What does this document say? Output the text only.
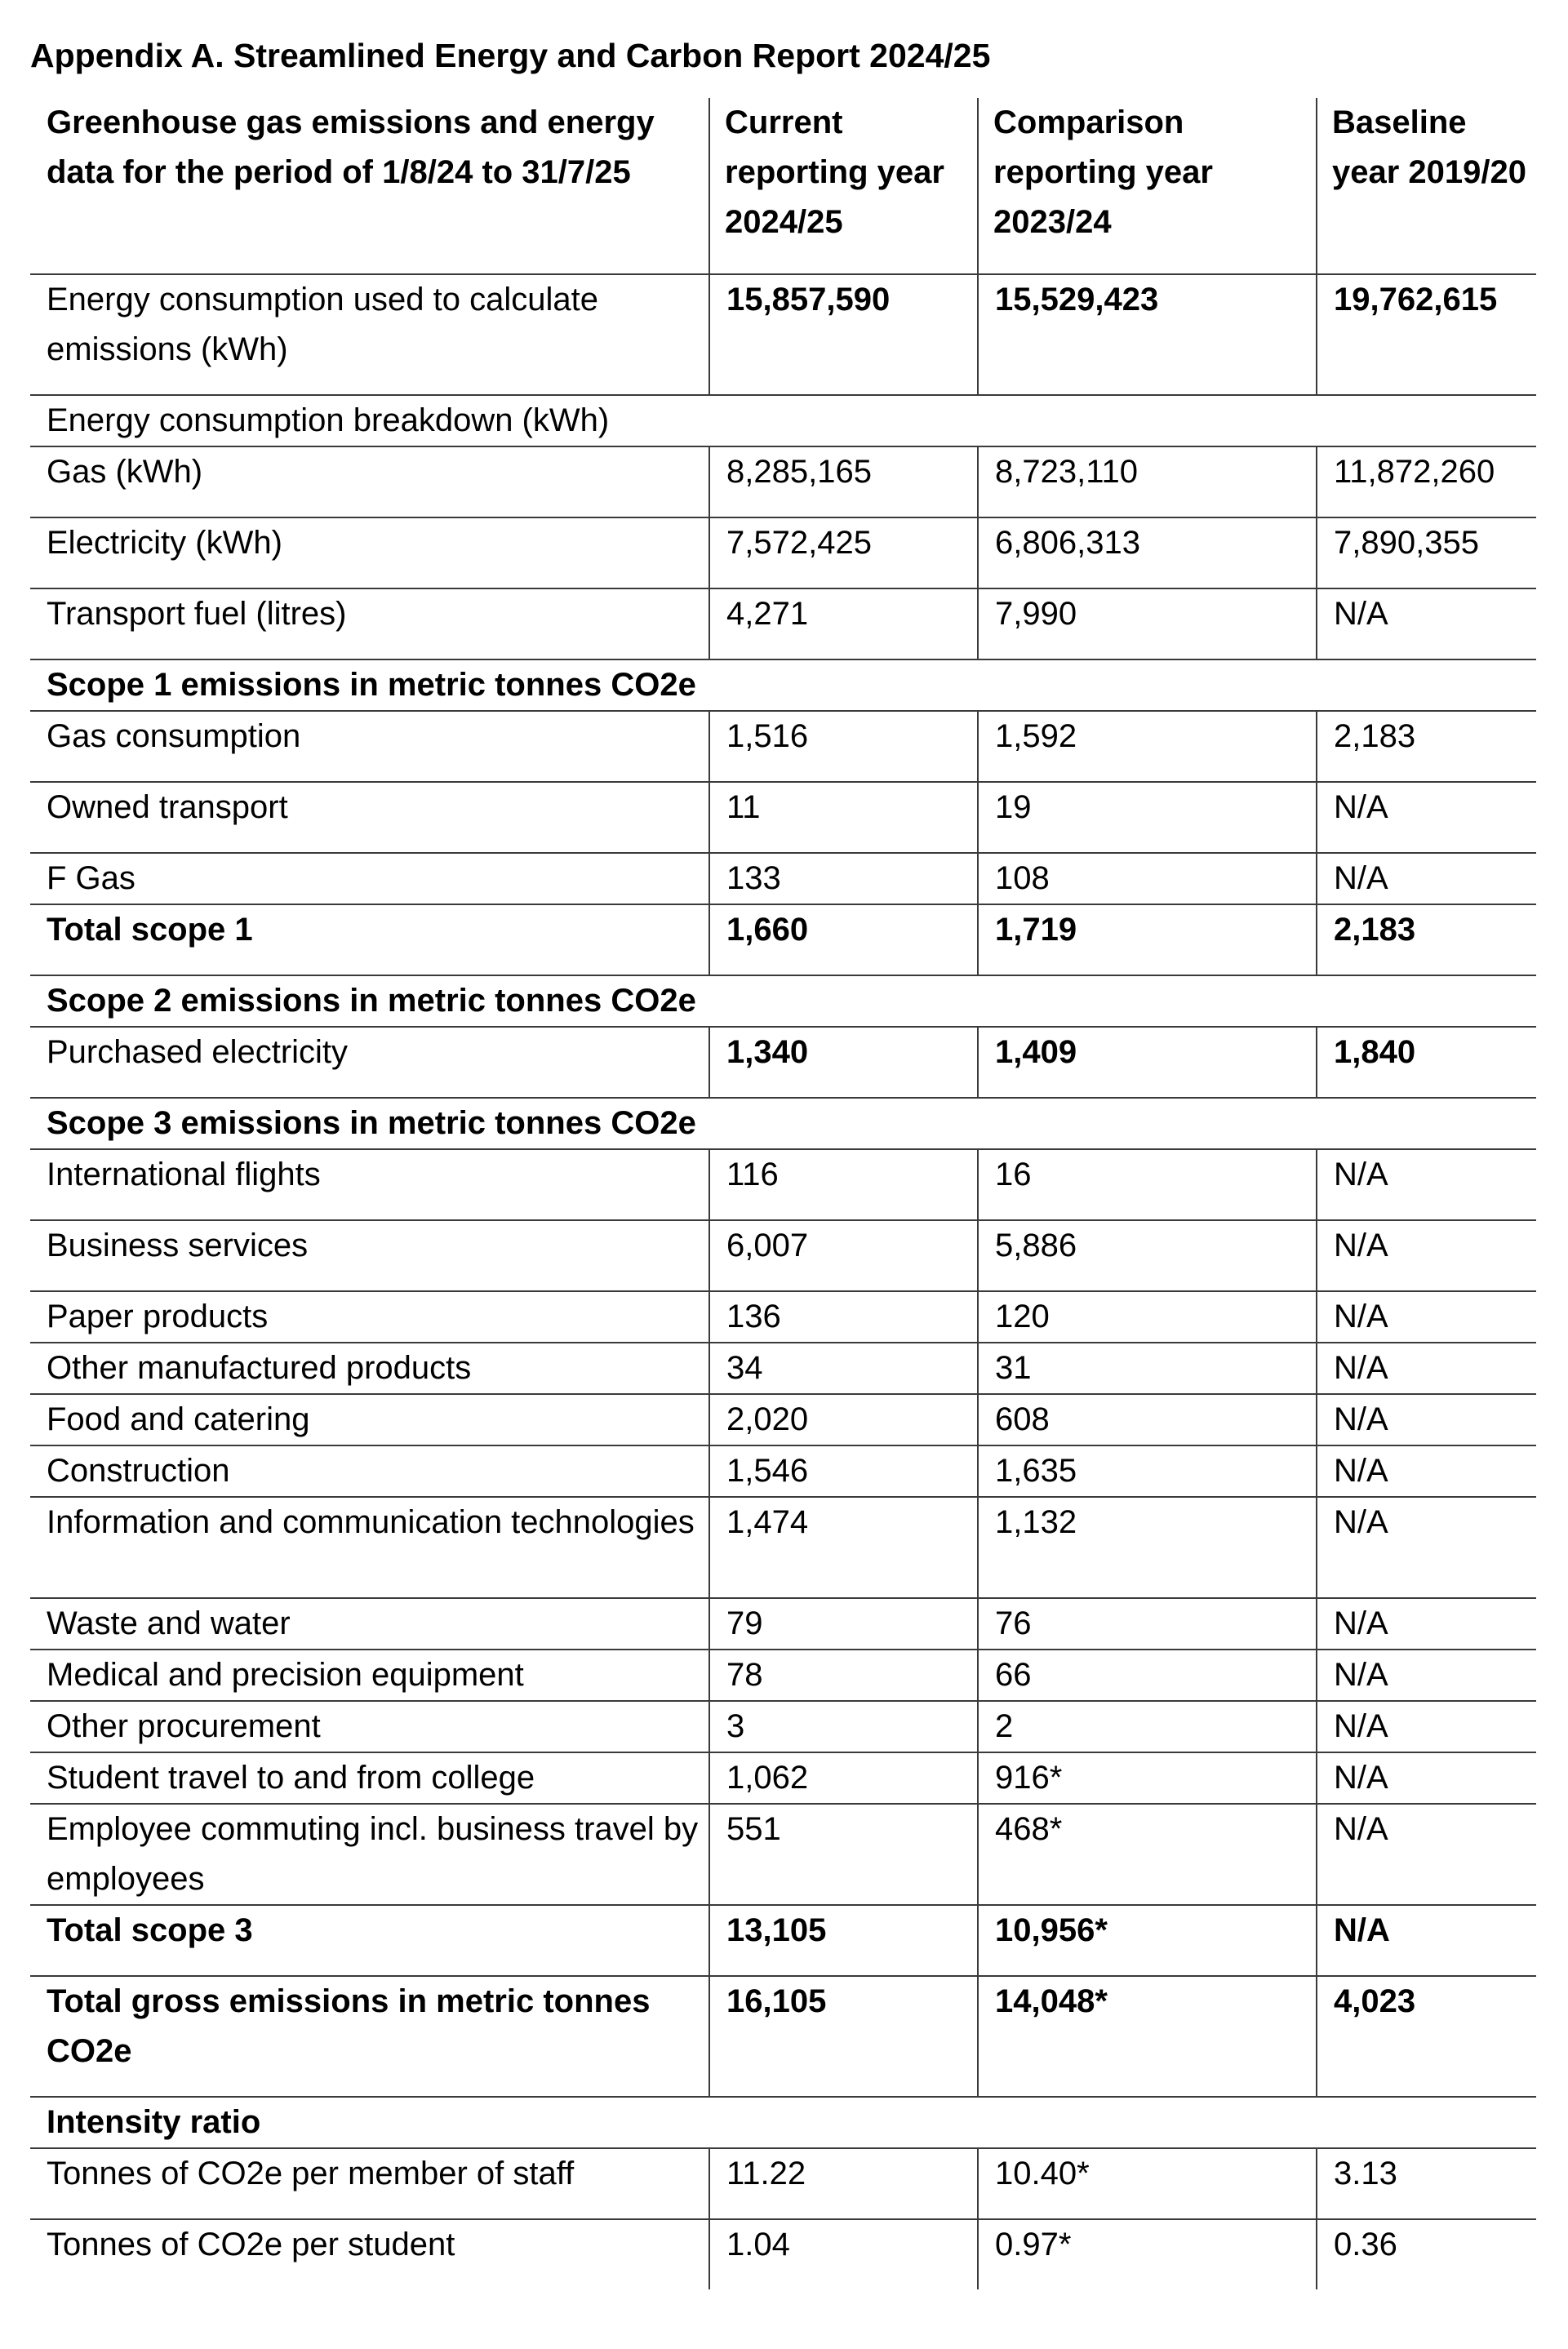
Appendix A. Streamlined Energy and Carbon Report 2024/25
Greenhouse gas emissions and energy data for the period of 1/8/24 to 31/7/25	Current reporting year 2024/25	Comparison reporting year 2023/24	Baseline year 2019/20
Energy consumption used to calculate emissions (kWh)	15,857,590	15,529,423	19,762,615
Energy consumption breakdown (kWh)			
Gas (kWh)	8,285,165	8,723,110	11,872,260
Electricity (kWh)	7,572,425	6,806,313	7,890,355
Transport fuel (litres)	4,271	7,990	N/A
Scope 1 emissions in metric tonnes CO2e			
Gas consumption	1,516	1,592	2,183
Owned transport	11	19	N/A
F Gas	133	108	N/A
Total scope 1	1,660	1,719	2,183
Scope 2 emissions in metric tonnes CO2e			
Purchased electricity	1,340	1,409	1,840
Scope 3 emissions in metric tonnes CO2e			
International flights	116	16	N/A
Business services	6,007	5,886	N/A
Paper products	136	120	N/A
Other manufactured products	34	31	N/A
Food and catering	2,020	608	N/A
Construction	1,546	1,635	N/A
Information and communication technologies	1,474	1,132	N/A
Waste and water	79	76	N/A
Medical and precision equipment	78	66	N/A
Other procurement	3	2	N/A
Student travel to and from college	1,062	916*	N/A
Employee commuting incl. business travel by employees	551	468*	N/A
Total scope 3	13,105	10,956*	N/A
Total gross emissions in metric tonnes CO2e	16,105	14,048*	4,023
Intensity ratio			
Tonnes of CO2e per member of staff	11.22	10.40*	3.13
Tonnes of CO2e per student	1.04	0.97*	0.36
